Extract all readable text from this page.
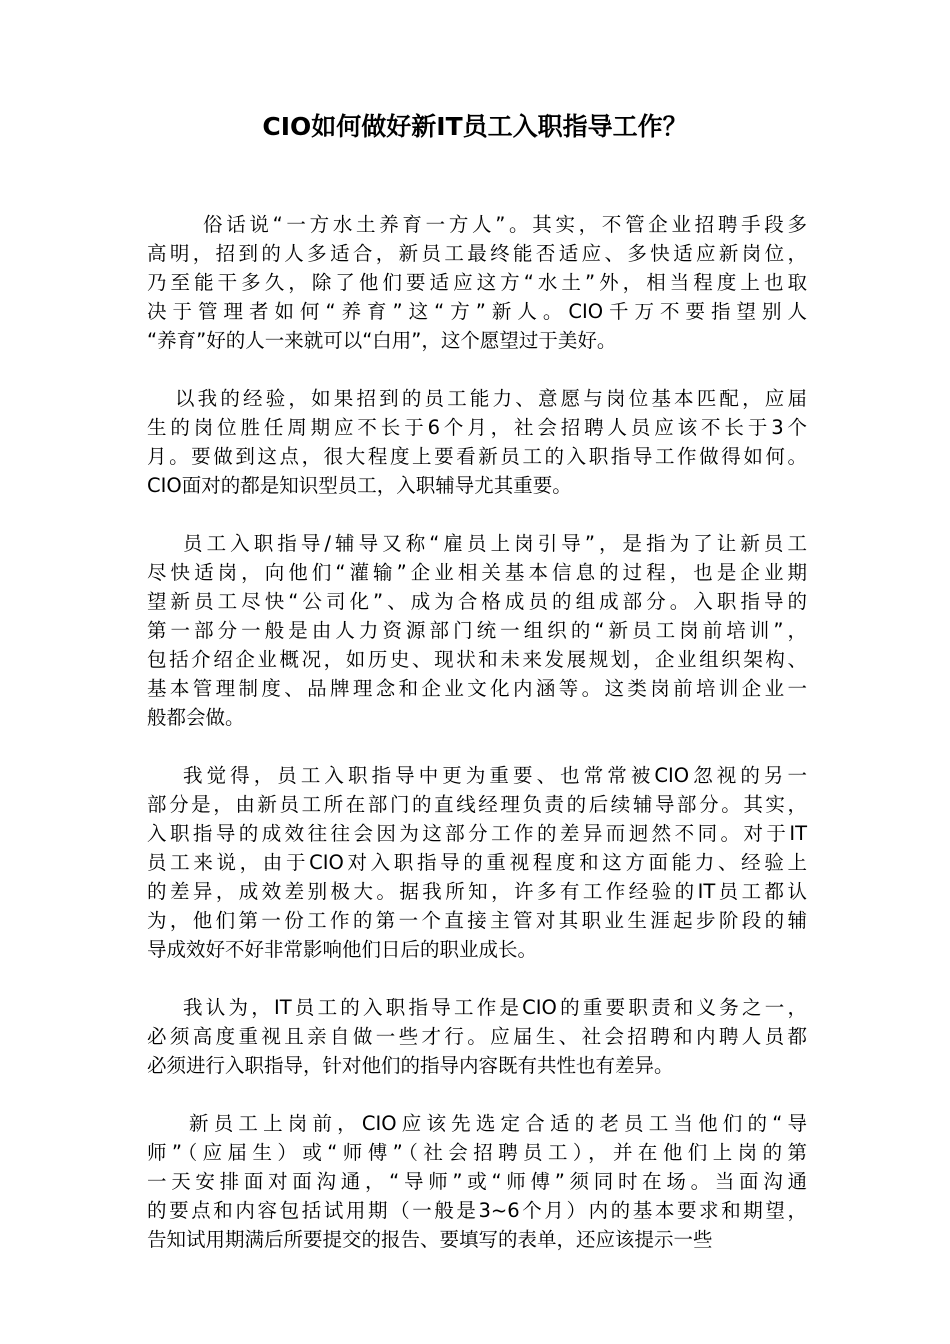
CIO如何做好新IT员工入职指导工作？

俗话说“一方水土养育一方人”。其实，不管企业招聘手段多
高明，招到的人多适合，新员工最终能否适应、多快适应新岗位，
乃至能干多久，除了他们要适应这方“水土”外，相当程度上也取
决于管理者如何“养育”这“方”新人。CIO千万不要指望别人
“养育”好的人一来就可以“白用”，这个愿望过于美好。

以我的经验，如果招到的员工能力、意愿与岗位基本匹配，应届
生的岗位胜任周期应不长于6个月，社会招聘人员应该不长于3个
月。要做到这点，很大程度上要看新员工的入职指导工作做得如何。
CIO面对的都是知识型员工，入职辅导尤其重要。

员工入职指导/辅导又称“雇员上岗引导”，是指为了让新员工
尽快适岗，向他们“灌输”企业相关基本信息的过程，也是企业期
望新员工尽快“公司化”、成为合格成员的组成部分。入职指导的
第一部分一般是由人力资源部门统一组织的“新员工岗前培训”，
包括介绍企业概况，如历史、现状和未来发展规划，企业组织架构、
基本管理制度、品牌理念和企业文化内涵等。这类岗前培训企业一
般都会做。

我觉得，员工入职指导中更为重要、也常常被CIO忽视的另一
部分是，由新员工所在部门的直线经理负责的后续辅导部分。其实，
入职指导的成效往往会因为这部分工作的差异而迥然不同。对于IT
员工来说，由于CIO对入职指导的重视程度和这方面能力、经验上
的差异，成效差别极大。据我所知，许多有工作经验的IT员工都认
为，他们第一份工作的第一个直接主管对其职业生涯起步阶段的辅
导成效好不好非常影响他们日后的职业成长。

我认为，IT员工的入职指导工作是CIO的重要职责和义务之一，
必须高度重视且亲自做一些才行。应届生、社会招聘和内聘人员都
必须进行入职指导，针对他们的指导内容既有共性也有差异。

新员工上岗前，CIO应该先选定合适的老员工当他们的“导
师”（应届生）或“师傅”（社会招聘员工），并在他们上岗的第
一天安排面对面沟通，“导师”或“师傅”须同时在场。当面沟通
的要点和内容包括试用期（一般是3~6个月）内的基本要求和期望，
告知试用期满后所要提交的报告、要填写的表单，还应该提示一些
